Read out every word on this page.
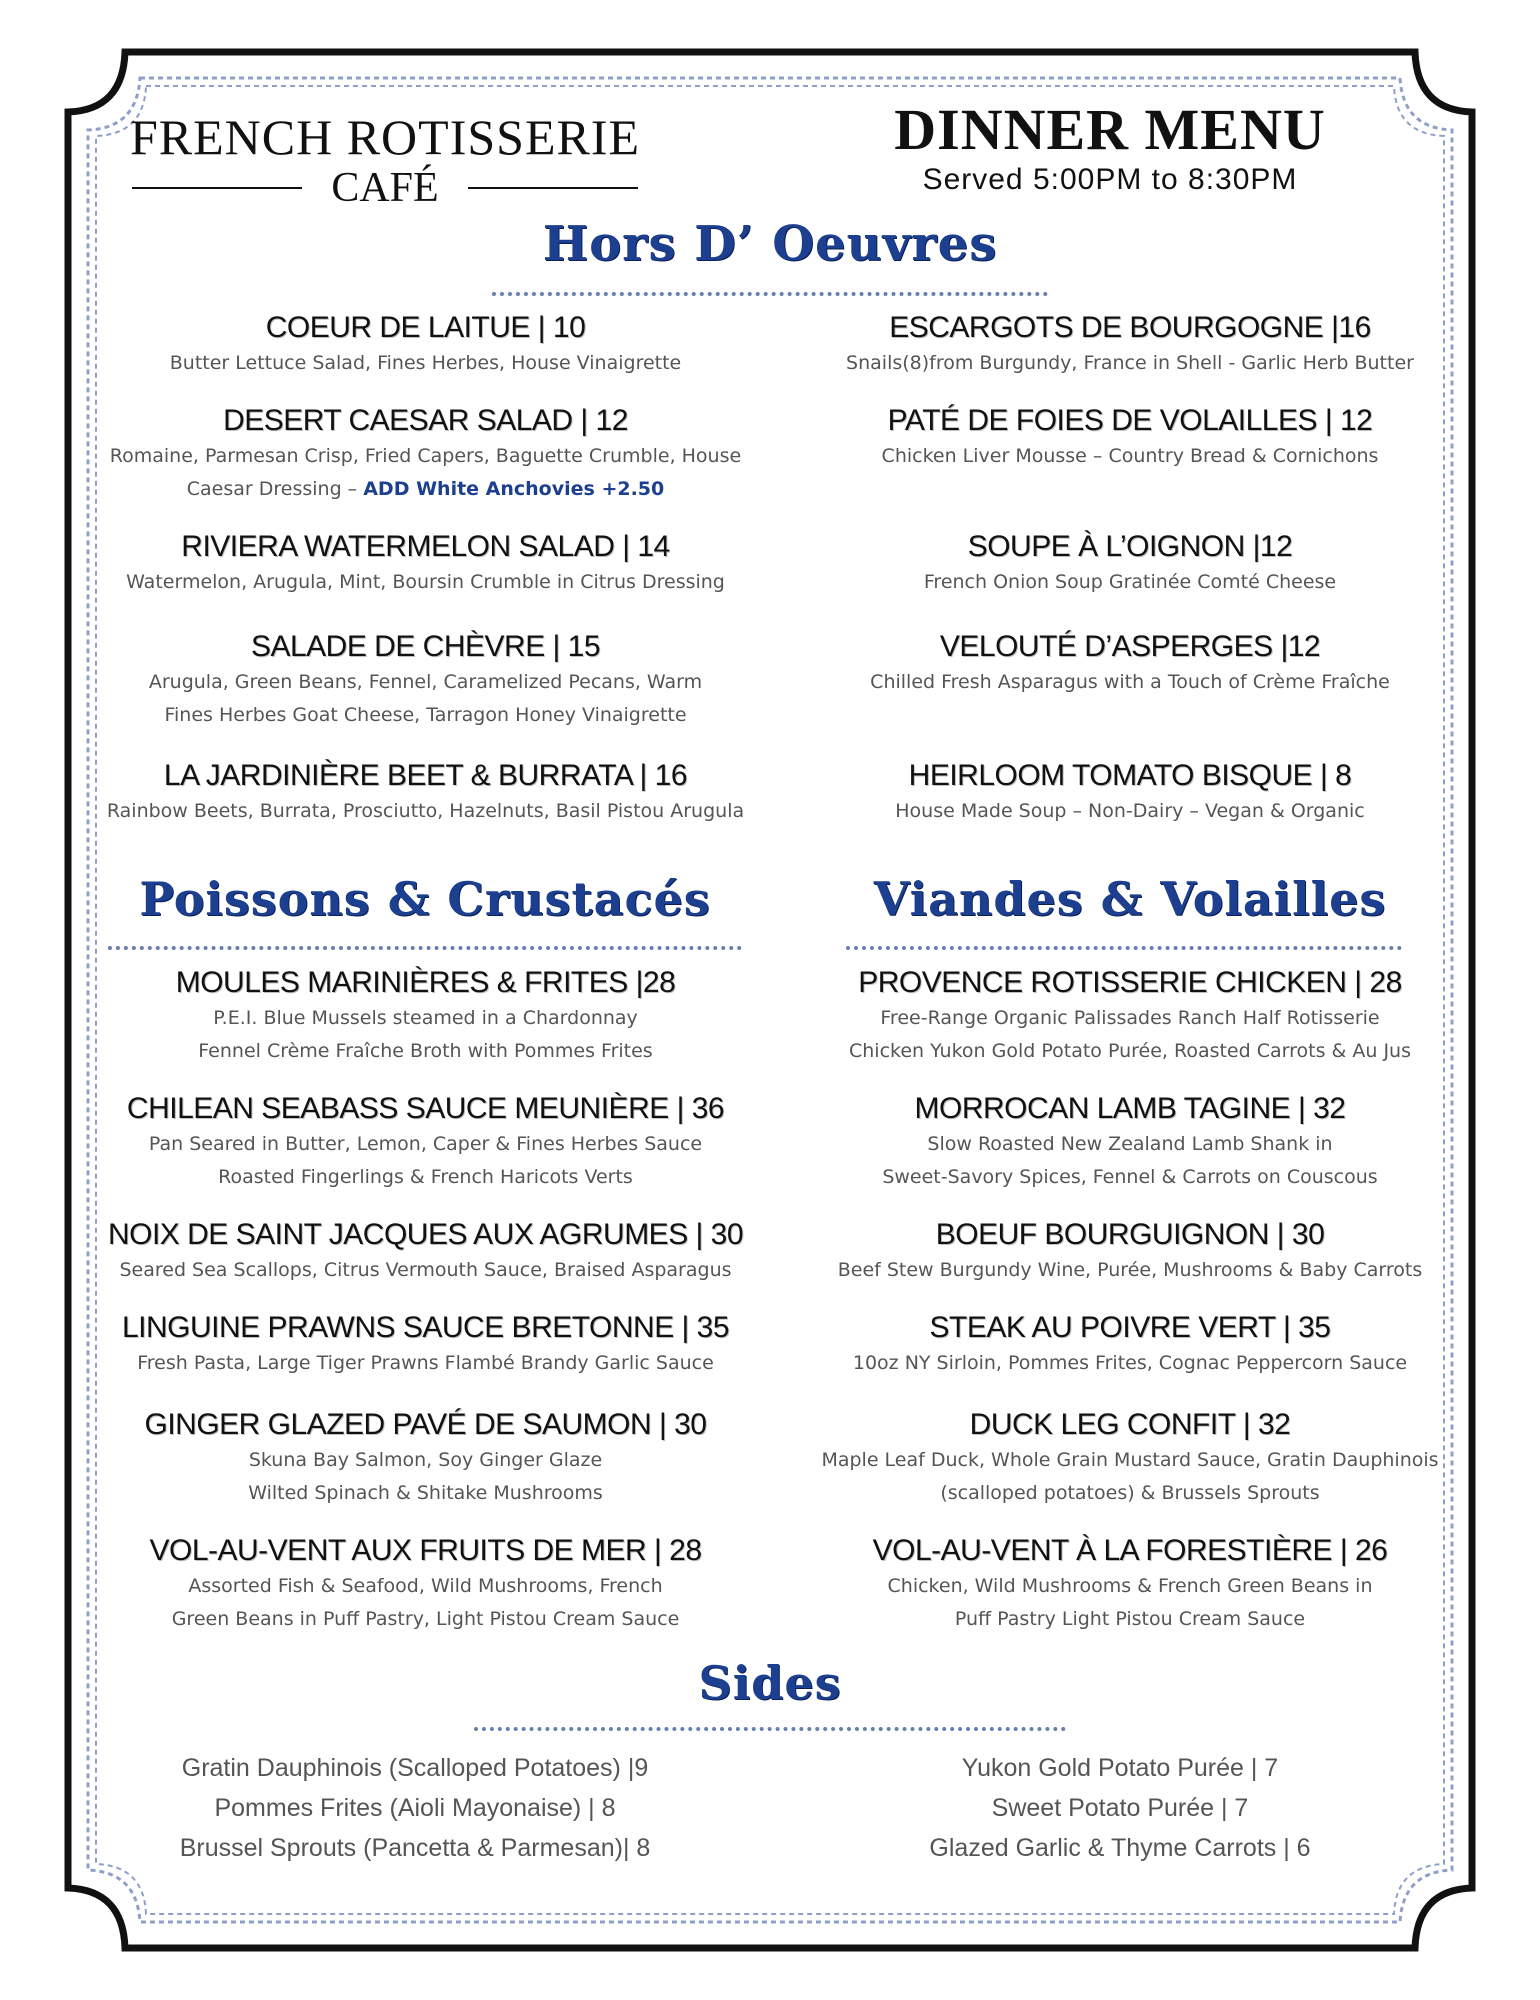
FRENCH ROTISSERIE
CAFÉ
DINNER MENU
Served 5:00PM to 8:30PM
Hors D’ Oeuvres
COEUR DE LAITUE | 10
Butter Lettuce Salad, Fines Herbes, House Vinaigrette
DESERT CAESAR SALAD | 12
Romaine, Parmesan Crisp, Fried Capers, Baguette Crumble, House
Caesar Dressing – ADD White Anchovies +2.50
RIVIERA WATERMELON SALAD | 14
Watermelon, Arugula, Mint, Boursin Crumble in Citrus Dressing
SALADE DE CHÈVRE | 15
Arugula, Green Beans, Fennel, Caramelized Pecans, Warm
Fines Herbes Goat Cheese, Tarragon Honey Vinaigrette
LA JARDINIÈRE BEET & BURRATA | 16
Rainbow Beets, Burrata, Prosciutto, Hazelnuts, Basil Pistou Arugula
ESCARGOTS DE BOURGOGNE |16
Snails(8)from Burgundy, France in Shell - Garlic Herb Butter
PATÉ DE FOIES DE VOLAILLES | 12
Chicken Liver Mousse – Country Bread & Cornichons
SOUPE À L’OIGNON |12
French Onion Soup Gratinée Comté Cheese
VELOUTÉ D’ASPERGES |12
Chilled Fresh Asparagus with a Touch of Crème Fraîche
HEIRLOOM TOMATO BISQUE | 8
House Made Soup – Non-Dairy – Vegan & Organic
Poissons & Crustacés
MOULES MARINIÈRES & FRITES |28
P.E.I. Blue Mussels steamed in a Chardonnay
Fennel Crème Fraîche Broth with Pommes Frites
CHILEAN SEABASS SAUCE MEUNIÈRE | 36
Pan Seared in Butter, Lemon, Caper & Fines Herbes Sauce
Roasted Fingerlings & French Haricots Verts
NOIX DE SAINT JACQUES AUX AGRUMES | 30
Seared Sea Scallops, Citrus Vermouth Sauce, Braised Asparagus
LINGUINE PRAWNS SAUCE BRETONNE | 35
Fresh Pasta, Large Tiger Prawns Flambé Brandy Garlic Sauce
GINGER GLAZED PAVÉ DE SAUMON | 30
Skuna Bay Salmon, Soy Ginger Glaze
Wilted Spinach & Shitake Mushrooms
VOL-AU-VENT AUX FRUITS DE MER | 28
Assorted Fish & Seafood, Wild Mushrooms, French
Green Beans in Puff Pastry, Light Pistou Cream Sauce
Viandes & Volailles
PROVENCE ROTISSERIE CHICKEN | 28
Free-Range Organic Palissades Ranch Half Rotisserie
Chicken Yukon Gold Potato Purée, Roasted Carrots & Au Jus
MORROCAN LAMB TAGINE | 32
Slow Roasted New Zealand Lamb Shank in
Sweet-Savory Spices, Fennel & Carrots on Couscous
BOEUF BOURGUIGNON | 30
Beef Stew Burgundy Wine, Purée, Mushrooms & Baby Carrots
STEAK AU POIVRE VERT | 35
10oz NY Sirloin, Pommes Frites, Cognac Peppercorn Sauce
DUCK LEG CONFIT | 32
Maple Leaf Duck, Whole Grain Mustard Sauce, Gratin Dauphinois
(scalloped potatoes) & Brussels Sprouts
VOL-AU-VENT À LA FORESTIÈRE | 26
Chicken, Wild Mushrooms & French Green Beans in
Puff Pastry Light Pistou Cream Sauce
Sides
Gratin Dauphinois (Scalloped Potatoes) |9
Pommes Frites (Aioli Mayonaise) | 8
Brussel Sprouts (Pancetta & Parmesan)| 8
Yukon Gold Potato Purée | 7
Sweet Potato Purée | 7
Glazed Garlic & Thyme Carrots | 6
